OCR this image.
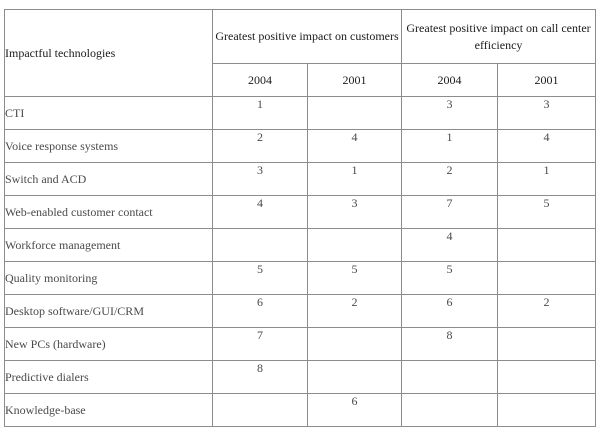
Impactful technologies	Greatest positive impact on customers		Greatest positive impact on call center efficiency	
	2004	2001	2004	2001
CTI	1		3	3
Voice response systems	2	4	1	4
Switch and ACD	3	1	2	1
Web-enabled customer contact	4	3	7	5
Workforce management			4	
Quality monitoring	5	5	5	
Desktop software/GUI/CRM	6	2	6	2
New PCs (hardware)	7		8	
Predictive dialers	8			
Knowledge-base		6		
